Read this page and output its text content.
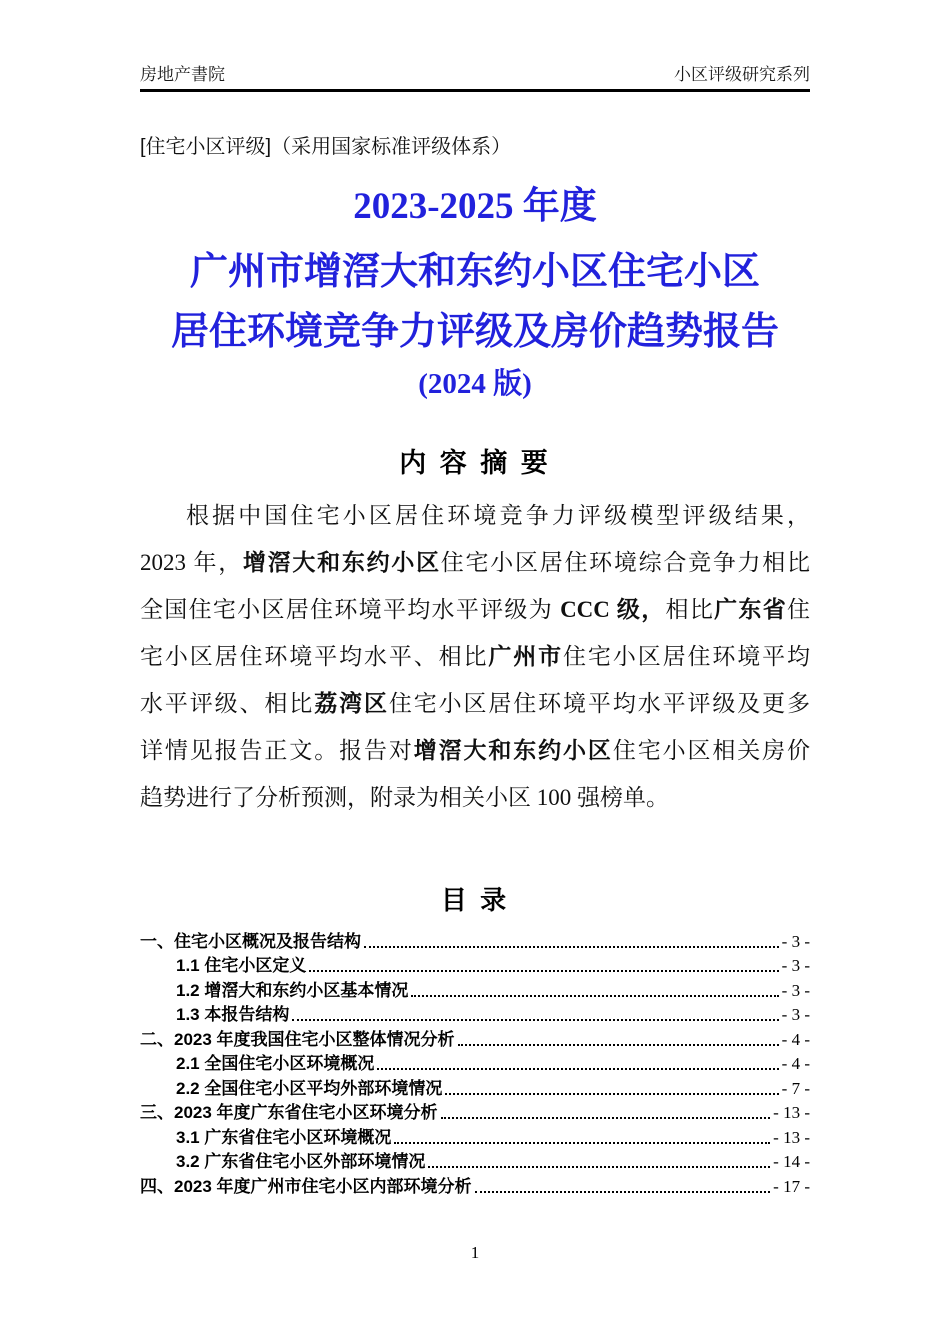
房地产書院	小区评级研究系列
[住宅小区评级]（采用国家标准评级体系）
2023-2025 年度
广州市增滘大和东约小区住宅小区
居住环境竞争力评级及房价趋势报告
(2024 版)
内 容 摘 要
根据中国住宅小区居住环境竞争力评级模型评级结果，
2023 年，增滘大和东约小区住宅小区居住环境综合竞争力相比
全国住宅小区居住环境平均水平评级为 CCC 级，相比广东省住
宅小区居住环境平均水平、相比广州市住宅小区居住环境平均
水平评级、相比荔湾区住宅小区居住环境平均水平评级及更多
详情见报告正文。报告对增滘大和东约小区住宅小区相关房价
趋势进行了分析预测，附录为相关小区 100 强榜单。
目 录
一、住宅小区概况及报告结构	- 3 -
1.1 住宅小区定义	- 3 -
1.2 增滘大和东约小区基本情况	- 3 -
1.3 本报告结构	- 3 -
二、2023 年度我国住宅小区整体情况分析	- 4 -
2.1 全国住宅小区环境概况	- 4 -
2.2 全国住宅小区平均外部环境情况	- 7 -
三、2023 年度广东省住宅小区环境分析	- 13 -
3.1 广东省住宅小区环境概况	- 13 -
3.2 广东省住宅小区外部环境情况	- 14 -
四、2023 年度广州市住宅小区内部环境分析	- 17 -
1
